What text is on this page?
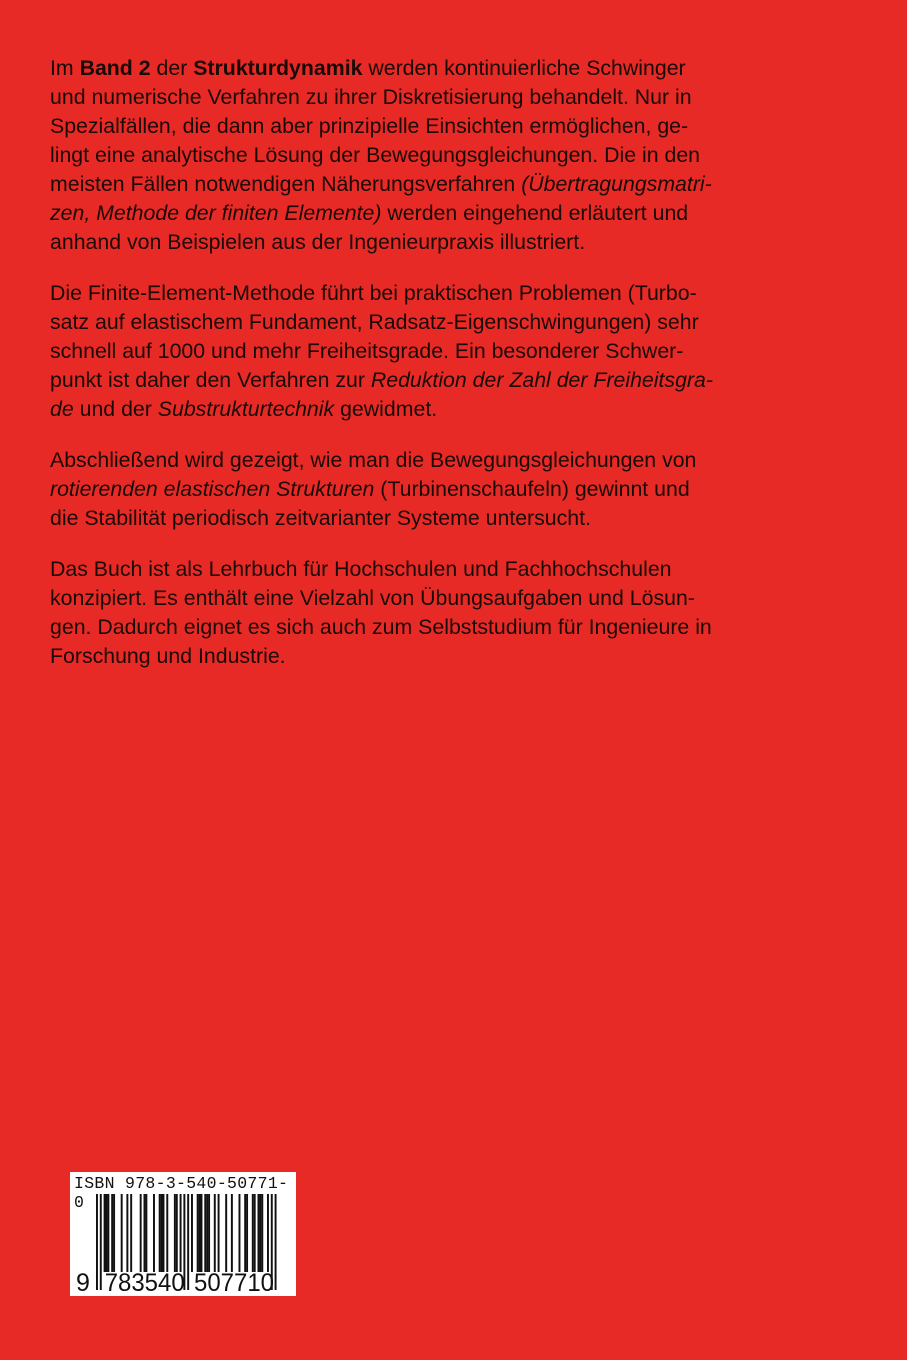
Im Band 2 der Strukturdynamik werden kontinuierliche Schwinger
und numerische Verfahren zu ihrer Diskretisierung behandelt. Nur in
Spezialfällen, die dann aber prinzipielle Einsichten ermöglichen, ge-
lingt eine analytische Lösung der Bewegungsgleichungen. Die in den
meisten Fällen notwendigen Näherungsverfahren (Übertragungsmatri-
zen, Methode der finiten Elemente) werden eingehend erläutert und
anhand von Beispielen aus der Ingenieurpraxis illustriert.
Die Finite-Element-Methode führt bei praktischen Problemen (Turbo-
satz auf elastischem Fundament, Radsatz-Eigenschwingungen) sehr
schnell auf 1000 und mehr Freiheitsgrade. Ein besonderer Schwer-
punkt ist daher den Verfahren zur Reduktion der Zahl der Freiheitsgra-
de und der Substrukturtechnik gewidmet.
Abschließend wird gezeigt, wie man die Bewegungsgleichungen von
rotierenden elastischen Strukturen (Turbinenschaufeln) gewinnt und
die Stabilität periodisch zeitvarianter Systeme untersucht.
Das Buch ist als Lehrbuch für Hochschulen und Fachhochschulen
konzipiert. Es enthält eine Vielzahl von Übungsaufgaben und Lösun-
gen. Dadurch eignet es sich auch zum Selbststudium für Ingenieure in
Forschung und Industrie.
ISBN 978-3-540-50771-0
9 783540 507710
